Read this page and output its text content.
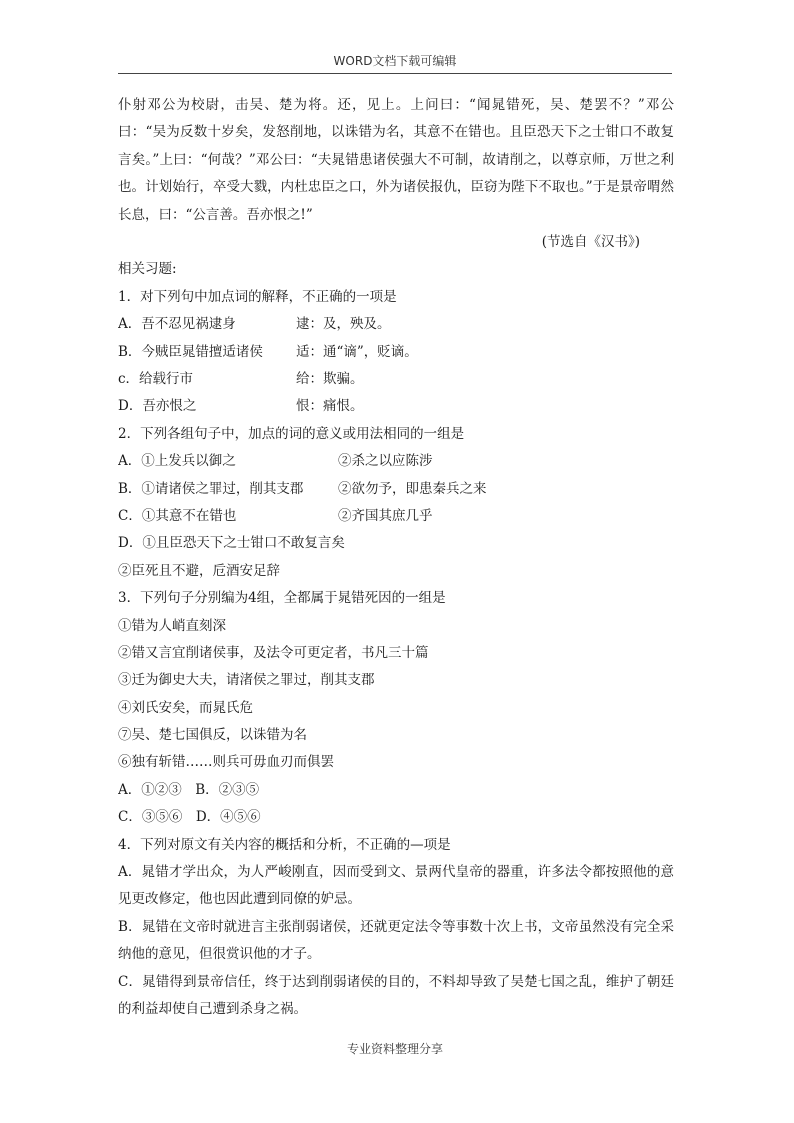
WORD文档下载可编辑

仆射邓公为校尉，击吴、楚为将。还，见上。上问曰：“闻晁错死，吴、楚罢不？”邓公曰：“吴为反数十岁矣，发怒削地，以诛错为名，其意不在错也。且臣恐天下之士钳口不敢复言矣。”上曰：“何哉？”邓公曰：“夫晁错患诸侯强大不可制，故请削之，以尊京师，万世之利也。计划始行，卒受大戮，内杜忠臣之口，外为诸侯报仇，臣窃为陛下不取也。”于是景帝喟然长息，曰：“公言善。吾亦恨之!”

(节选自《汉书》)
相关习题:
1．对下列句中加点词的解释，不正确的一项是
A．吾不忍见祸逮身	逮：及，殃及。
B．今贼臣晁错擅适诸侯 适：通“谪”，贬谪。
c．给载行市	给：欺骗。
D．吾亦恨之	恨：痛恨。
2．下列各组句子中，加点的词的意义或用法相同的一组是
A．①上发兵以御之	②杀之以应陈涉
B．①请诸侯之罪过，削其支郡	②欲勿予，即患秦兵之来
C．①其意不在错也	②齐国其庶几乎
D．①且臣恐天下之士钳口不敢复言矣
②臣死且不避，卮酒安足辞
3．下列句子分别编为4组，全都属于晁错死因的一组是
①错为人峭直刻深
②错又言宜削诸侯事，及法令可更定者，书凡三十篇
③迁为御史大夫，请渚侯之罪过，削其支郡
④刘氏安矣，而晁氏危
⑦吴、楚七国俱反，以诛错为名
⑥独有斩错……则兵可毋血刃而俱罢
A．①②③　B．②③⑤
C．③⑤⑥　D．④⑤⑥
4．下列对原文有关内容的概括和分析，不正确的—项是

A．晁错才学出众，为人严峻刚直，因而受到文、景两代皇帝的器重，许多法令都按照他的意见更改修定，他也因此遭到同僚的妒忌。

B．晁错在文帝时就进言主张削弱诸侯，还就更定法令等事数十次上书，文帝虽然没有完全采纳他的意见，但很赏识他的才子。

C．晁错得到景帝信任，终于达到削弱诸侯的目的，不料却导致了吴楚七国之乱，维护了朝廷的利益却使自己遭到杀身之祸。

专业资料整理分享
